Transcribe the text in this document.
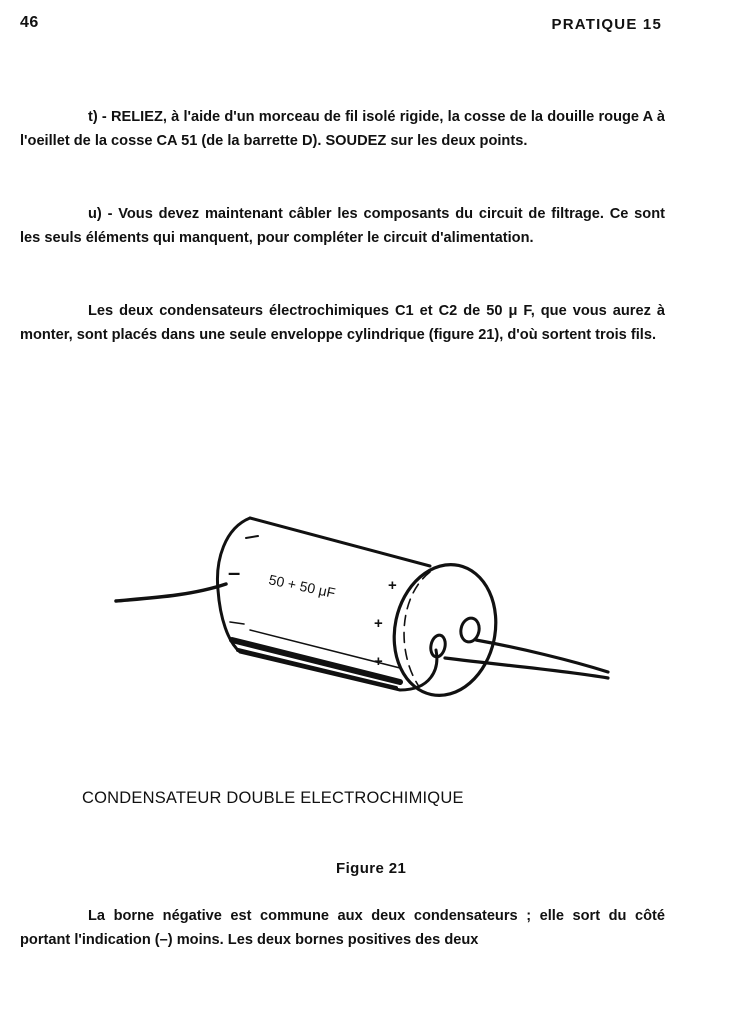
46	PRATIQUE 15

t) - RELIEZ, à l'aide d'un morceau de fil isolé rigide, la cosse de la douille rouge A à l'oeillet de la cosse CA 51 (de la barrette D). SOUDEZ sur les deux points.

u) - Vous devez maintenant câbler les composants du circuit de filtrage. Ce sont les seuls éléments qui manquent, pour compléter le circuit d'alimentation.

Les deux condensateurs électrochimiques C1 et C2 de 50 μ F, que vous aurez à monter, sont placés dans une seule enveloppe cylindrique (figure 21), d'où sortent trois fils.

– 50 + 50 μF	+
+
+
CONDENSATEUR DOUBLE ELECTROCHIMIQUE
Figure 21

La borne négative est commune aux deux condensateurs ; elle sort du côté portant l'indication (–) moins. Les deux bornes positives des deux
